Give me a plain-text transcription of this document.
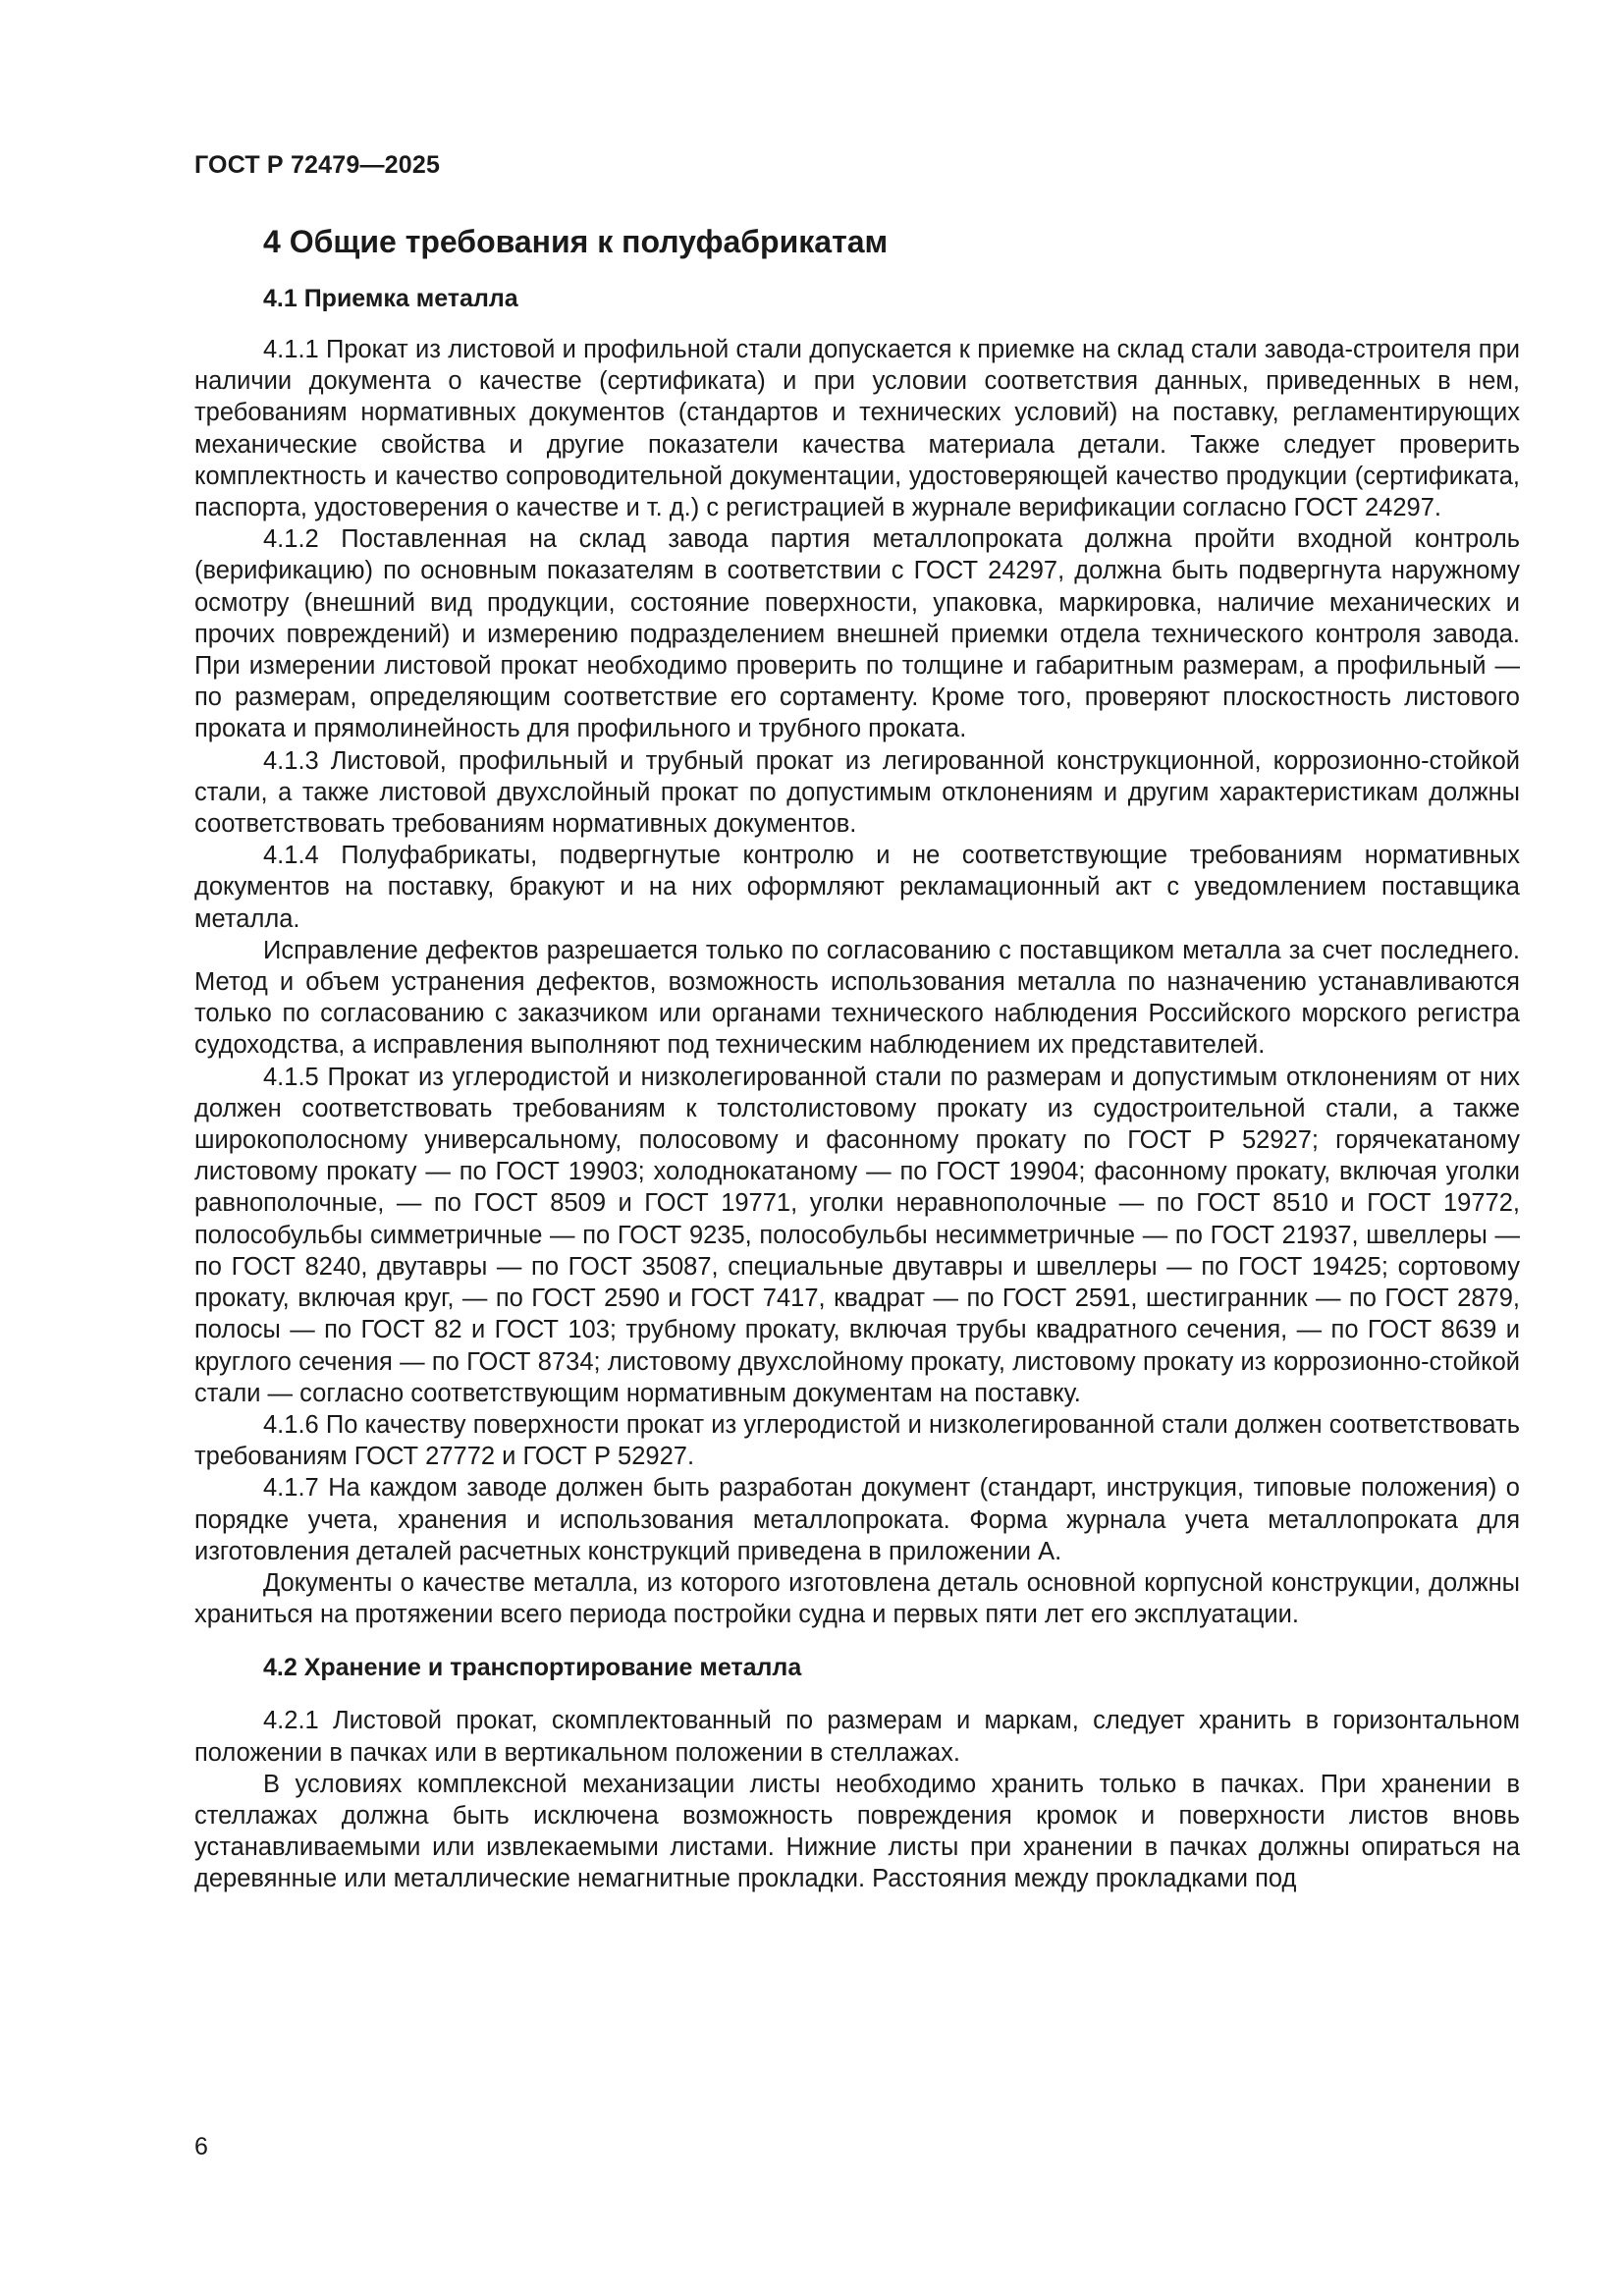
ГОСТ Р 72479—2025
4 Общие требования к полуфабрикатам
4.1 Приемка металла

4.1.1 Прокат из листовой и профильной стали допускается к приемке на склад стали завода-строителя при наличии документа о качестве (сертификата) и при условии соответствия данных, приведенных в нем, требованиям нормативных документов (стандартов и технических условий) на поставку, регламентирующих механические свойства и другие показатели качества материала детали. Также следует проверить комплектность и качество сопроводительной документации, удостоверяющей качество продукции (сертификата, паспорта, удостоверения о качестве и т. д.) с регистрацией в журнале верификации согласно ГОСТ 24297.

4.1.2 Поставленная на склад завода партия металлопроката должна пройти входной контроль (верификацию) по основным показателям в соответствии с ГОСТ 24297, должна быть подвергнута наружному осмотру (внешний вид продукции, состояние поверхности, упаковка, маркировка, наличие механических и прочих повреждений) и измерению подразделением внешней приемки отдела технического контроля завода. При измерении листовой прокат необходимо проверить по толщине и габаритным размерам, а профильный — по размерам, определяющим соответствие его сортаменту. Кроме того, проверяют плоскостность листового проката и прямолинейность для профильного и трубного проката.

4.1.3 Листовой, профильный и трубный прокат из легированной конструкционной, коррозионно-стойкой стали, а также листовой двухслойный прокат по допустимым отклонениям и другим характеристикам должны соответствовать требованиям нормативных документов.

4.1.4 Полуфабрикаты, подвергнутые контролю и не соответствующие требованиям нормативных документов на поставку, бракуют и на них оформляют рекламационный акт с уведомлением поставщика металла.

Исправление дефектов разрешается только по согласованию с поставщиком металла за счет последнего. Метод и объем устранения дефектов, возможность использования металла по назначению устанавливаются только по согласованию с заказчиком или органами технического наблюдения Российского морского регистра судоходства, а исправления выполняют под техническим наблюдением их представителей.

4.1.5 Прокат из углеродистой и низколегированной стали по размерам и допустимым отклонениям от них должен соответствовать требованиям к толстолистовому прокату из судостроительной стали, а также широкополосному универсальному, полосовому и фасонному прокату по ГОСТ Р 52927; горячекатаному листовому прокату — по ГОСТ 19903; холоднокатаному — по ГОСТ 19904; фасонному прокату, включая уголки равнополочные, — по ГОСТ 8509 и ГОСТ 19771, уголки неравнополочные — по ГОСТ 8510 и ГОСТ 19772, полособульбы симметричные — по ГОСТ 9235, полособульбы несимметричные — по ГОСТ 21937, швеллеры — по ГОСТ 8240, двутавры — по ГОСТ 35087, специальные двутавры и швеллеры — по ГОСТ 19425; сортовому прокату, включая круг, — по ГОСТ 2590 и ГОСТ 7417, квадрат — по ГОСТ 2591, шестигранник — по ГОСТ 2879, полосы — по ГОСТ 82 и ГОСТ 103; трубному прокату, включая трубы квадратного сечения, — по ГОСТ 8639 и круглого сечения — по ГОСТ 8734; листовому двухслойному прокату, листовому прокату из коррозионно-стойкой стали — согласно соответствующим нормативным документам на поставку.

4.1.6 По качеству поверхности прокат из углеродистой и низколегированной стали должен соответствовать требованиям ГОСТ 27772 и ГОСТ Р 52927.

4.1.7 На каждом заводе должен быть разработан документ (стандарт, инструкция, типовые положения) о порядке учета, хранения и использования металлопроката. Форма журнала учета металлопроката для изготовления деталей расчетных конструкций приведена в приложении А.

Документы о качестве металла, из которого изготовлена деталь основной корпусной конструкции, должны храниться на протяжении всего периода постройки судна и первых пяти лет его эксплуатации.

4.2 Хранение и транспортирование металла

4.2.1 Листовой прокат, скомплектованный по размерам и маркам, следует хранить в горизонтальном положении в пачках или в вертикальном положении в стеллажах.

В условиях комплексной механизации листы необходимо хранить только в пачках. При хранении в стеллажах должна быть исключена возможность повреждения кромок и поверхности листов вновь устанавливаемыми или извлекаемыми листами. Нижние листы при хранении в пачках должны опираться на деревянные или металлические немагнитные прокладки. Расстояния между прокладками под

6
